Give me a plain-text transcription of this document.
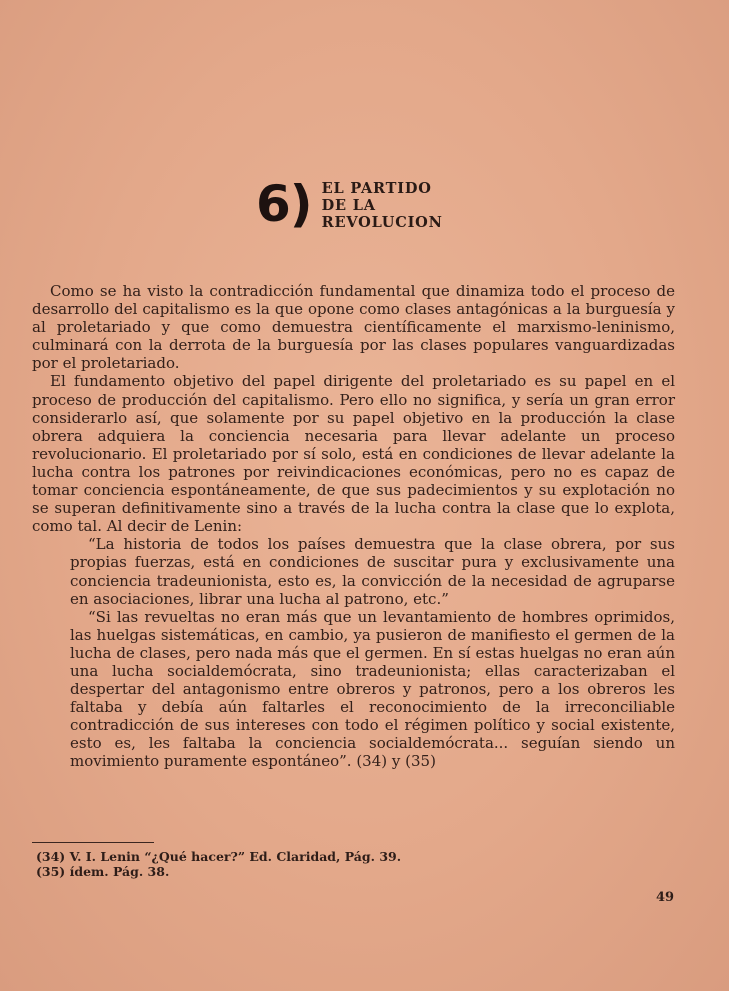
6) EL PARTIDO
DE LA
REVOLUCION

Como se ha visto la contradicción fundamental que dinamiza todo el proceso de desarrollo del capitalismo es la que opone como clases antagónicas a la burguesía y al proletariado y que como demuestra científicamente el marxismo-leninismo, culminará con la derrota de la burguesía por las clases populares vanguardizadas por el proletariado.

El fundamento objetivo del papel dirigente del proletariado es su papel en el proceso de producción del capitalismo. Pero ello no significa, y sería un gran error considerarlo así, que solamente por su papel objetivo en la producción la clase obrera adquiera la conciencia necesaria para llevar adelante un proceso revolucionario. El proletariado por sí solo, está en condiciones de llevar adelante la lucha contra los patrones por reivindicaciones económicas, pero no es capaz de tomar conciencia espontáneamente, de que sus padecimientos y su explotación no se superan definitivamente sino a través de la lucha contra la clase que lo explota, como tal. Al decir de Lenin:

“La historia de todos los países demuestra que la clase obrera, por sus propias fuerzas, está en condiciones de suscitar pura y exclusivamente una conciencia tradeunionista, esto es, la convicción de la necesidad de agruparse en asociaciones, librar una lucha al patrono, etc.”

“Si las revueltas no eran más que un levantamiento de hombres oprimidos, las huelgas sistemáticas, en cambio, ya pusieron de manifiesto el germen de la lucha de clases, pero nada más que el germen. En sí estas huelgas no eran aún una lucha socialdemócrata, sino tradeunionista; ellas caracterizaban el despertar del antagonismo entre obreros y patronos, pero a los obreros les faltaba y debía aún faltarles el reconocimiento de la irreconciliable contradicción de sus intereses con todo el régimen político y social existente, esto es, les faltaba la conciencia socialdemócrata... seguían siendo un movimiento puramente espontáneo”. (34) y (35)

(34) V. I. Lenin “¿Qué hacer?” Ed. Claridad, Pág. 39.
(35) ídem. Pág. 38.
49
